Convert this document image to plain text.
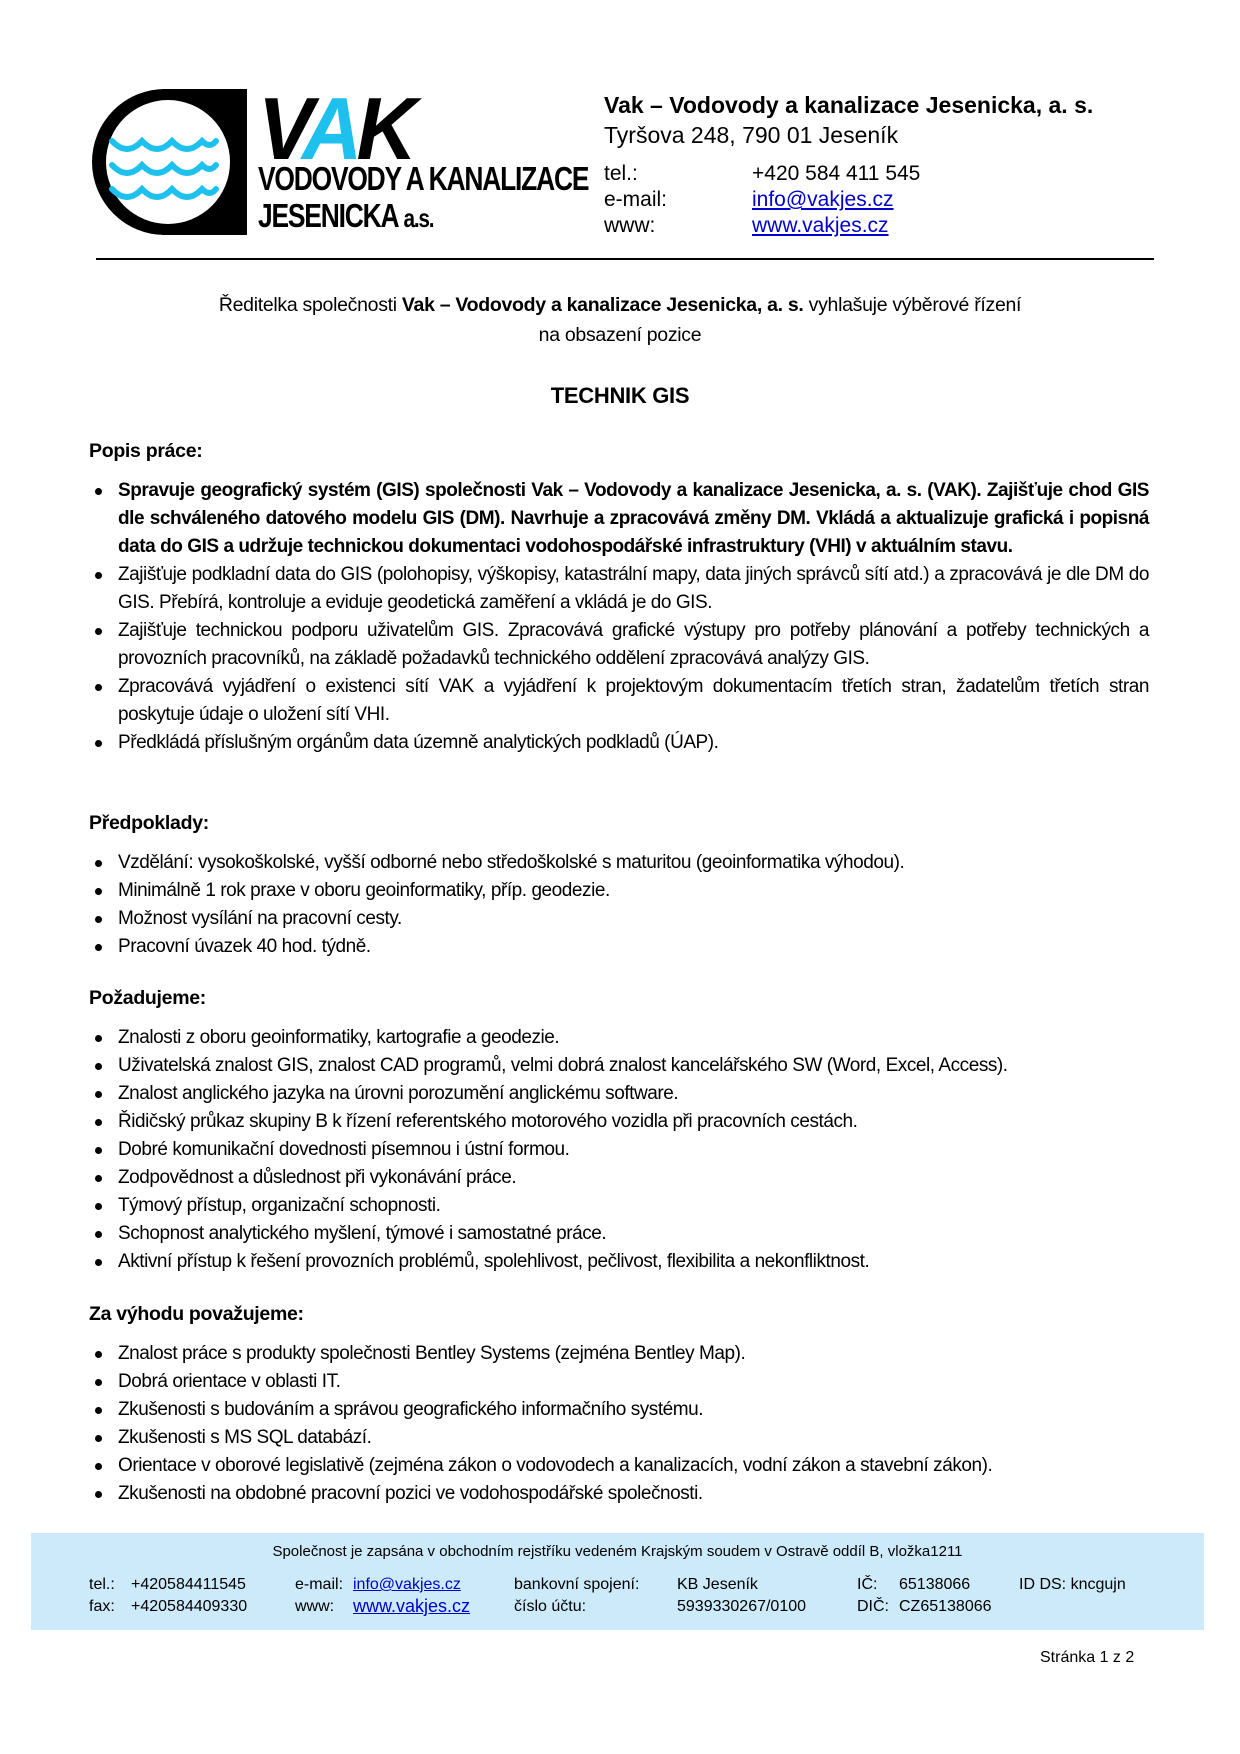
VAK
VODOVODY A KANALIZACE
JESENICKA a.s.
Vak – Vodovody a kanalizace Jesenicka, a. s.
Tyršova 248, 790 01 Jeseník
tel.:	+420 584 411 545
e-mail:	info@vakjes.cz
www:	www.vakjes.cz
Ředitelka společnosti Vak – Vodovody a kanalizace Jesenicka, a. s. vyhlašuje výběrové řízení
na obsazení pozice
TECHNIK GIS
Popis práce:
Spravuje geografický systém (GIS) společnosti Vak – Vodovody a kanalizace Jesenicka, a. s. (VAK). Zajišťuje chod GIS dle schváleného datového modelu GIS (DM). Navrhuje a zpracovává změny DM. Vkládá a aktualizuje grafická i popisná data do GIS a udržuje technickou dokumentaci vodohospodářské infrastruktury (VHI) v aktuálním stavu.
Zajišťuje podkladní data do GIS (polohopisy, výškopisy, katastrální mapy, data jiných správců sítí atd.) a zpracovává je dle DM do GIS. Přebírá, kontroluje a eviduje geodetická zaměření a vkládá je do GIS.
Zajišťuje technickou podporu uživatelům GIS. Zpracovává grafické výstupy pro potřeby plánování a potřeby technických a provozních pracovníků, na základě požadavků technického oddělení zpracovává analýzy GIS.
Zpracovává vyjádření o existenci sítí VAK a vyjádření k projektovým dokumentacím třetích stran, žadatelům třetích stran poskytuje údaje o uložení sítí VHI.
Předkládá příslušným orgánům data územně analytických podkladů (ÚAP).
Předpoklady:
Vzdělání: vysokoškolské, vyšší odborné nebo středoškolské s maturitou (geoinformatika výhodou).
Minimálně 1 rok praxe v oboru geoinformatiky, příp. geodezie.
Možnost vysílání na pracovní cesty.
Pracovní úvazek 40 hod. týdně.
Požadujeme:
Znalosti z oboru geoinformatiky, kartografie a geodezie.
Uživatelská znalost GIS, znalost CAD programů, velmi dobrá znalost kancelářského SW (Word, Excel, Access).
Znalost anglického jazyka na úrovni porozumění anglickému software.
Řidičský průkaz skupiny B k řízení referentského motorového vozidla při pracovních cestách.
Dobré komunikační dovednosti písemnou i ústní formou.
Zodpovědnost a důslednost při vykonávání práce.
Týmový přístup, organizační schopnosti.
Schopnost analytického myšlení, týmové i samostatné práce.
Aktivní přístup k řešení provozních problémů, spolehlivost, pečlivost, flexibilita a nekonfliktnost.
Za výhodu považujeme:
Znalost práce s produkty společnosti Bentley Systems (zejména Bentley Map).
Dobrá orientace v oblasti IT.
Zkušenosti s budováním a správou geografického informačního systému.
Zkušenosti s MS SQL databází.
Orientace v oborové legislativě (zejména zákon o vodovodech a kanalizacích, vodní zákon a stavební zákon).
Zkušenosti na obdobné pracovní pozici ve vodohospodářské společnosti.
Společnost je zapsána v obchodním rejstříku vedeném Krajským soudem v Ostravě oddíl B, vložka1211
tel.: +420584411545
fax: +420584409330
e-mail: info@vakjes.cz
www: www.vakjes.cz
bankovní spojení: KB Jeseník
číslo účtu:	5939330267/0100
IČ: 65138066
DIČ: CZ65138066
ID DS: kncgujn
Stránka 1 z 2
